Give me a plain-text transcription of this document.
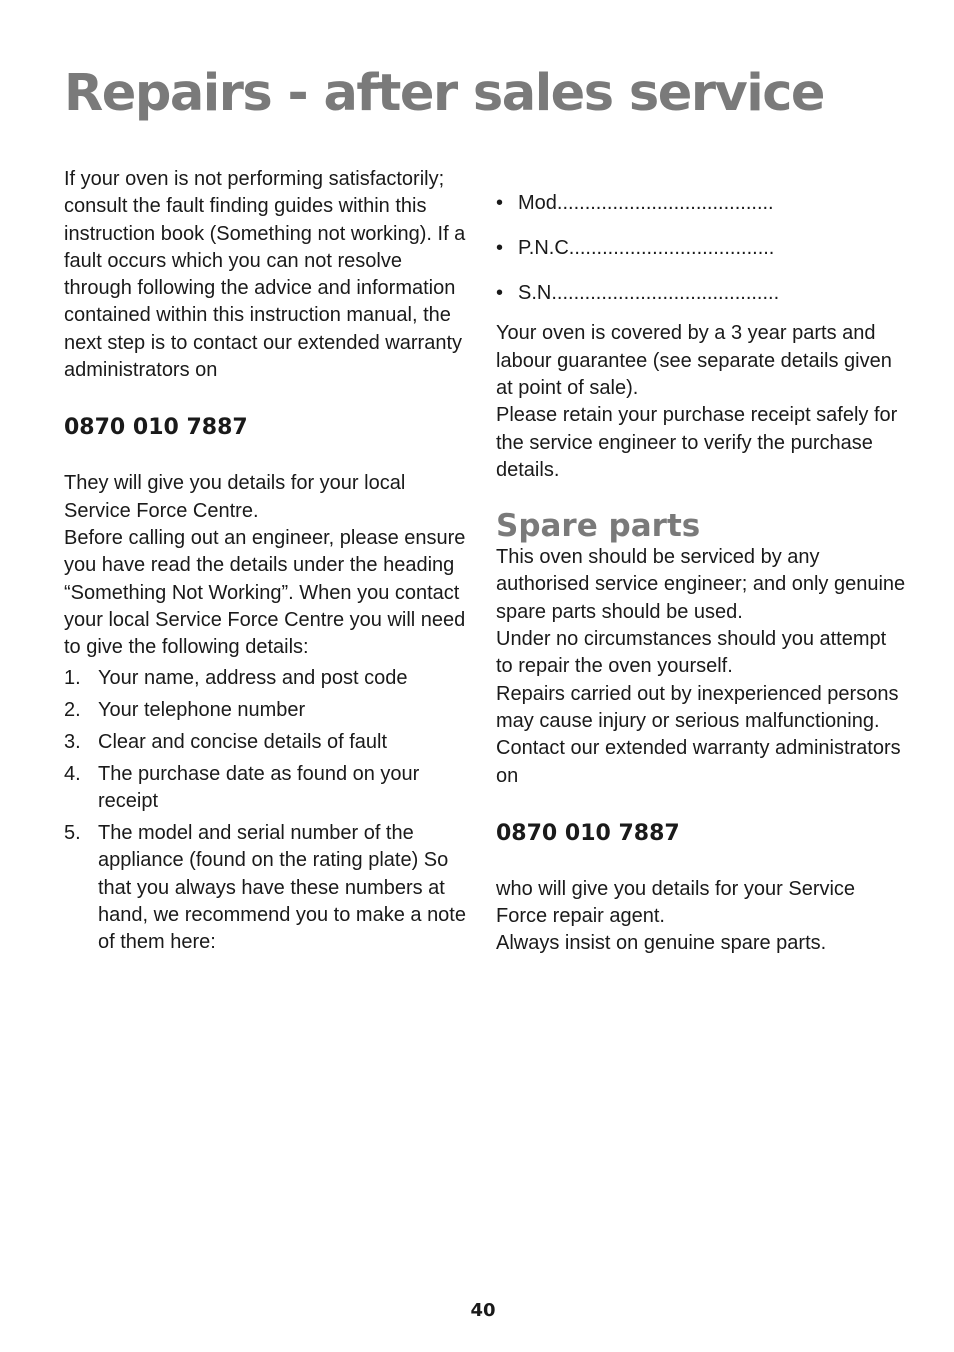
Repairs - after sales service

If your oven is not performing satisfactorily; consult the fault finding guides within this instruction book (Something not working). If a fault occurs which you can not resolve through following the advice and information contained within this instruction manual, the next step is to contact our extended warranty administrators on

0870 010 7887

They will give you details for your local Service Force Centre.

Before calling out an engineer, please ensure you have read the details under the heading “Something Not Working”. When you contact your local Service Force Centre you will need to give the following details:

1. Your name, address and post code
2. Your telephone number
3. Clear and concise details of fault
4. The purchase date as found on your receipt
5. The model and serial number of the appliance (found on the rating plate) So that you always have these numbers at hand, we recommend you to make a note of them here:
• Mod.......................................
• P.N.C.....................................
• S.N.........................................

Your oven is covered by a 3 year parts and labour guarantee (see separate details given at point of sale).

Please retain your purchase receipt safely for the service engineer to verify the purchase details.

Spare parts

This oven should be serviced by any authorised service engineer; and only genuine spare parts should be used.

Under no circumstances should you attempt to repair the oven yourself.

Repairs carried out by inexperienced persons may cause injury or serious malfunctioning.

Contact our extended warranty administrators on

0870 010 7887

who will give you details for your Service Force repair agent.

Always insist on genuine spare parts.

40
